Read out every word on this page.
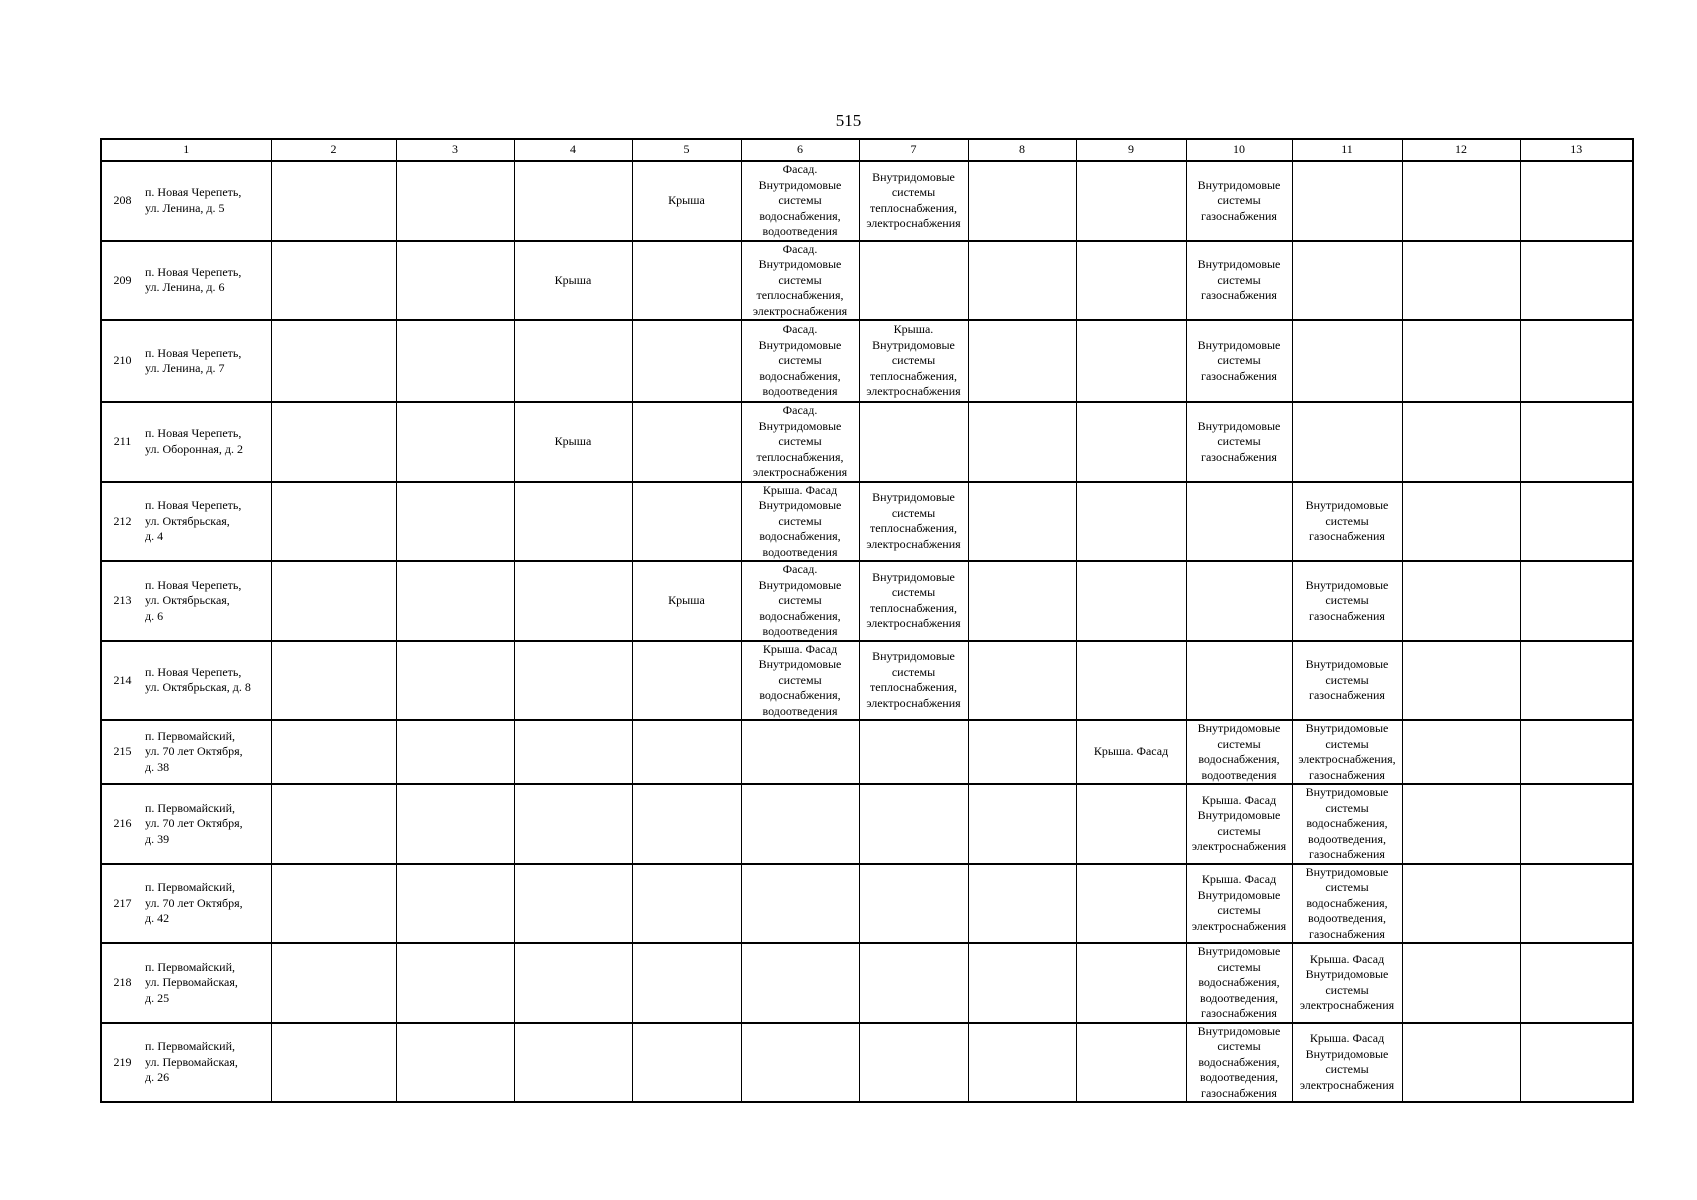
515
1		2	3	4	5	6	7	8	9	10	11	12	13
208	п. Новая Черепеть,
ул. Ленина, д. 5				Крыша	Фасад.
Внутридомовые
системы
водоснабжения,
водоотведения	Внутридомовые
системы
теплоснабжения,
электроснабжения			Внутридомовые
системы
газоснабжения			
209	п. Новая Черепеть,
ул. Ленина, д. 6			Крыша		Фасад.
Внутридомовые
системы
теплоснабжения,
электроснабжения				Внутридомовые
системы
газоснабжения			
210	п. Новая Черепеть,
ул. Ленина, д. 7					Фасад.
Внутридомовые
системы
водоснабжения,
водоотведения	Крыша.
Внутридомовые
системы
теплоснабжения,
электроснабжения			Внутридомовые
системы
газоснабжения			
211	п. Новая Черепеть,
ул. Оборонная, д. 2			Крыша		Фасад.
Внутридомовые
системы
теплоснабжения,
электроснабжения				Внутридомовые
системы
газоснабжения			
212	п. Новая Черепеть,
ул. Октябрьская,
д. 4					Крыша. Фасад
Внутридомовые
системы
водоснабжения,
водоотведения	Внутридомовые
системы
теплоснабжения,
электроснабжения				Внутридомовые
системы
газоснабжения		
213	п. Новая Черепеть,
ул. Октябрьская,
д. 6				Крыша	Фасад.
Внутридомовые
системы
водоснабжения,
водоотведения	Внутридомовые
системы
теплоснабжения,
электроснабжения				Внутридомовые
системы
газоснабжения		
214	п. Новая Черепеть,
ул. Октябрьская, д. 8					Крыша. Фасад
Внутридомовые
системы
водоснабжения,
водоотведения	Внутридомовые
системы
теплоснабжения,
электроснабжения				Внутридомовые
системы
газоснабжения		
215	п. Первомайский,
ул. 70 лет Октября,
д. 38								Крыша. Фасад	Внутридомовые
системы
водоснабжения,
водоотведения	Внутридомовые
системы
электроснабжения,
газоснабжения		
216	п. Первомайский,
ул. 70 лет Октября,
д. 39									Крыша. Фасад
Внутридомовые
системы
электроснабжения	Внутридомовые
системы
водоснабжения,
водоотведения,
газоснабжения		
217	п. Первомайский,
ул. 70 лет Октября,
д. 42									Крыша. Фасад
Внутридомовые
системы
электроснабжения	Внутридомовые
системы
водоснабжения,
водоотведения,
газоснабжения		
218	п. Первомайский,
ул. Первомайская,
д. 25									Внутридомовые
системы
водоснабжения,
водоотведения,
газоснабжения	Крыша. Фасад
Внутридомовые
системы
электроснабжения		
219	п. Первомайский,
ул. Первомайская,
д. 26									Внутридомовые
системы
водоснабжения,
водоотведения,
газоснабжения	Крыша. Фасад
Внутридомовые
системы
электроснабжения		
